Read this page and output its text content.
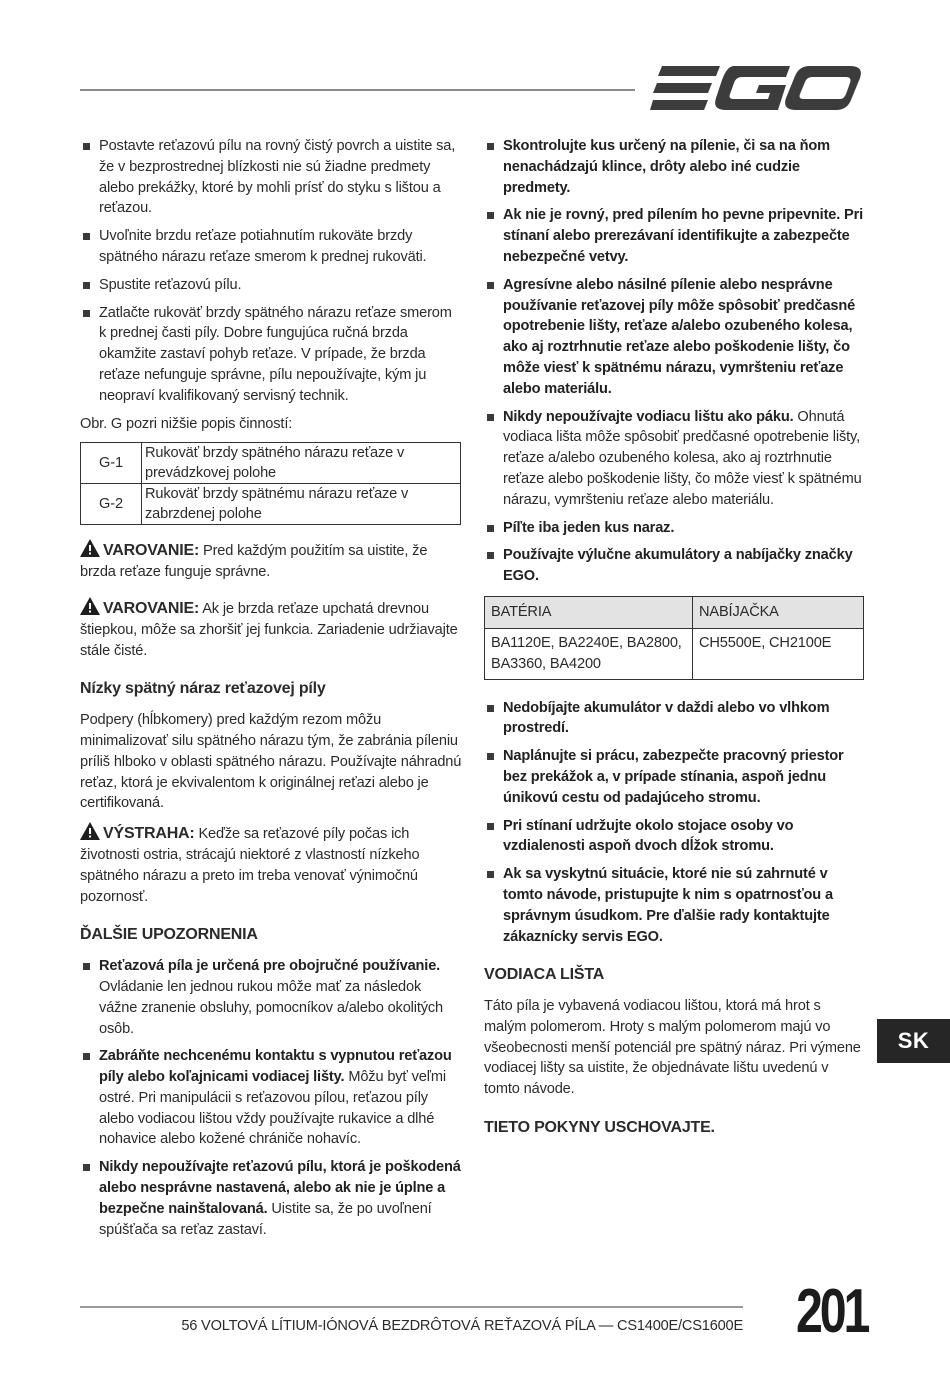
Postavte reťazovú pílu na rovný čistý povrch a uistite sa, že v bezprostrednej blízkosti nie sú žiadne predmety alebo prekážky, ktoré by mohli prísť do styku s lištou a reťazou.
Uvoľnite brzdu reťaze potiahnutím rukoväte brzdy spätného nárazu reťaze smerom k prednej rukoväti.
Spustite reťazovú pílu.
Zatlačte rukoväť brzdy spätného nárazu reťaze smerom k prednej časti píly. Dobre fungujúca ručná brzda okamžite zastaví pohyb reťaze. V prípade, že brzda reťaze nefunguje správne, pílu nepoužívajte, kým ju neopraví kvalifikovaný servisný technik.

Obr. G pozri nižšie popis činností:

G-1	Rukoväť brzdy spätného nárazu reťaze v prevádzkovej polohe
G-2	Rukoväť brzdy spätnému nárazu reťaze v zabrzdenej polohe
VAROVANIE: Pred každým použitím sa uistite, že brzda reťaze funguje správne.
VAROVANIE: Ak je brzda reťaze upchatá drevnou štiepkou, môže sa zhoršiť jej funkcia. Zariadenie udržiavajte stále čisté.
Nízky spätný náraz reťazovej píly

Podpery (hĺbkomery) pred každým rezom môžu minimalizovať silu spätného nárazu tým, že zabránia píleniu príliš hlboko v oblasti spätného nárazu. Používajte náhradnú reťaz, ktorá je ekvivalentom k originálnej reťazi alebo je certifikovaná.

VÝSTRAHA: Keďže sa reťazové píly počas ich životnosti ostria, strácajú niektoré z vlastností nízkeho spätného nárazu a preto im treba venovať výnimočnú pozornosť.
ĎALŠIE UPOZORNENIA
Reťazová píla je určená pre obojručné používanie. Ovládanie len jednou rukou môže mať za následok vážne zranenie obsluhy, pomocníkov a/alebo okolitých osôb.
Zabráňte nechcenému kontaktu s vypnutou reťazou píly alebo koľajnicami vodiacej lišty. Môžu byť veľmi ostré. Pri manipulácii s reťazovou pílou, reťazou píly alebo vodiacou lištou vždy používajte rukavice a dlhé nohavice alebo kožené chrániče nohavíc.
Nikdy nepoužívajte reťazovú pílu, ktorá je poškodená alebo nesprávne nastavená, alebo ak nie je úplne a bezpečne nainštalovaná. Uistite sa, že po uvoľnení spúšťača sa reťaz zastaví.
Skontrolujte kus určený na pílenie, či sa na ňom nenachádzajú klince, drôty alebo iné cudzie predmety.
Ak nie je rovný, pred pílením ho pevne pripevnite. Pri stínaní alebo prerezávaní identifikujte a zabezpečte nebezpečné vetvy.
Agresívne alebo násilné pílenie alebo nesprávne používanie reťazovej píly môže spôsobiť predčasné opotrebenie lišty, reťaze a/alebo ozubeného kolesa, ako aj roztrhnutie reťaze alebo poškodenie lišty, čo môže viesť k spätnému nárazu, vymršteniu reťaze alebo materiálu.
Nikdy nepoužívajte vodiacu lištu ako páku. Ohnutá vodiaca lišta môže spôsobiť predčasné opotrebenie lišty, reťaze a/alebo ozubeného kolesa, ako aj roztrhnutie reťaze alebo poškodenie lišty, čo môže viesť k spätnému nárazu, vymršteniu reťaze alebo materiálu.
Píľte iba jeden kus naraz.
Používajte výlučne akumulátory a nabíjačky značky EGO.
BATÉRIA	NABÍJAČKA
BA1120E, BA2240E, BA2800, BA3360, BA4200	CH5500E, CH2100E
Nedobíjajte akumulátor v daždi alebo vo vlhkom prostredí.
Naplánujte si prácu, zabezpečte pracovný priestor bez prekážok a, v prípade stínania, aspoň jednu únikovú cestu od padajúceho stromu.
Pri stínaní udržujte okolo stojace osoby vo vzdialenosti aspoň dvoch dĺžok stromu.
Ak sa vyskytnú situácie, ktoré nie sú zahrnuté v tomto návode, pristupujte k nim s opatrnosťou a správnym úsudkom. Pre ďalšie rady kontaktujte zákaznícky servis EGO.
VODIACA LIŠTA

Táto píla je vybavená vodiacou lištou, ktorá má hrot s malým polomerom. Hroty s malým polomerom majú vo všeobecnosti menší potenciál pre spätný náraz. Pri výmene vodiacej lišty sa uistite, že objednávate lištu uvedenú v tomto návode.

TIETO POKYNY USCHOVAJTE.
SK
56 VOLTOVÁ LÍTIUM-IÓNOVÁ BEZDRÔTOVÁ REŤAZOVÁ PÍLA — CS1400E/CS1600E 201
